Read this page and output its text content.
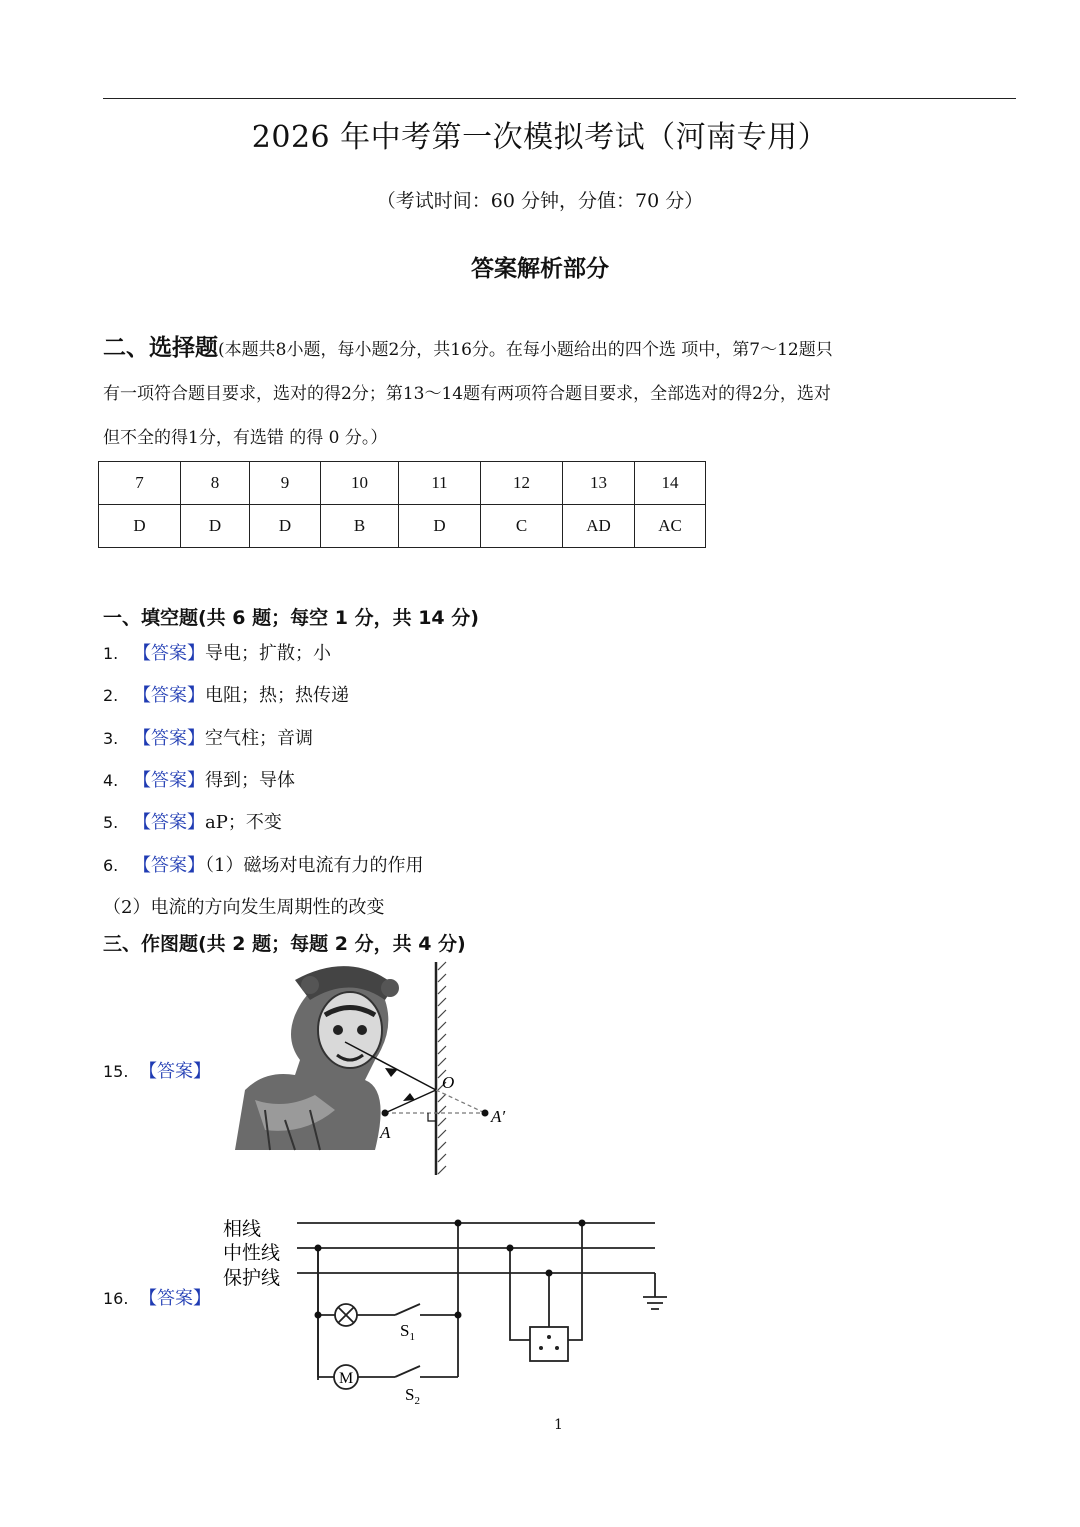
2026 年中考第一次模拟考试（河南专用）
（考试时间：60 分钟，分值：70 分）
答案解析部分
二、选择题(本题共8小题，每小题2分，共16分。在每小题给出的四个选 项中，第7～12题只
有一项符合题目要求，选对的得2分；第13～14题有两项符合题目要求，全部选对的得2分，选对
但不全的得1分，有选错 的得 0 分。）
7	8	9	10	11	12	13	14
D	D	D	B	D	C	AD	AC
一、填空题(共 6 题；每空 1 分，共 14 分)
1. 【答案】导电；扩散；小
2. 【答案】电阻；热；热传递
3. 【答案】空气柱；音调
4. 【答案】得到；导体
5. 【答案】aP；不变
6. 【答案】（1）磁场对电流有力的作用
（2）电流的方向发生周期性的改变
三、作图题(共 2 题；每题 2 分，共 4 分)
15. 【答案】
O
A
A′
16. 【答案】
相线
中性线
保护线
M
$S_1$
$S_2$
1
